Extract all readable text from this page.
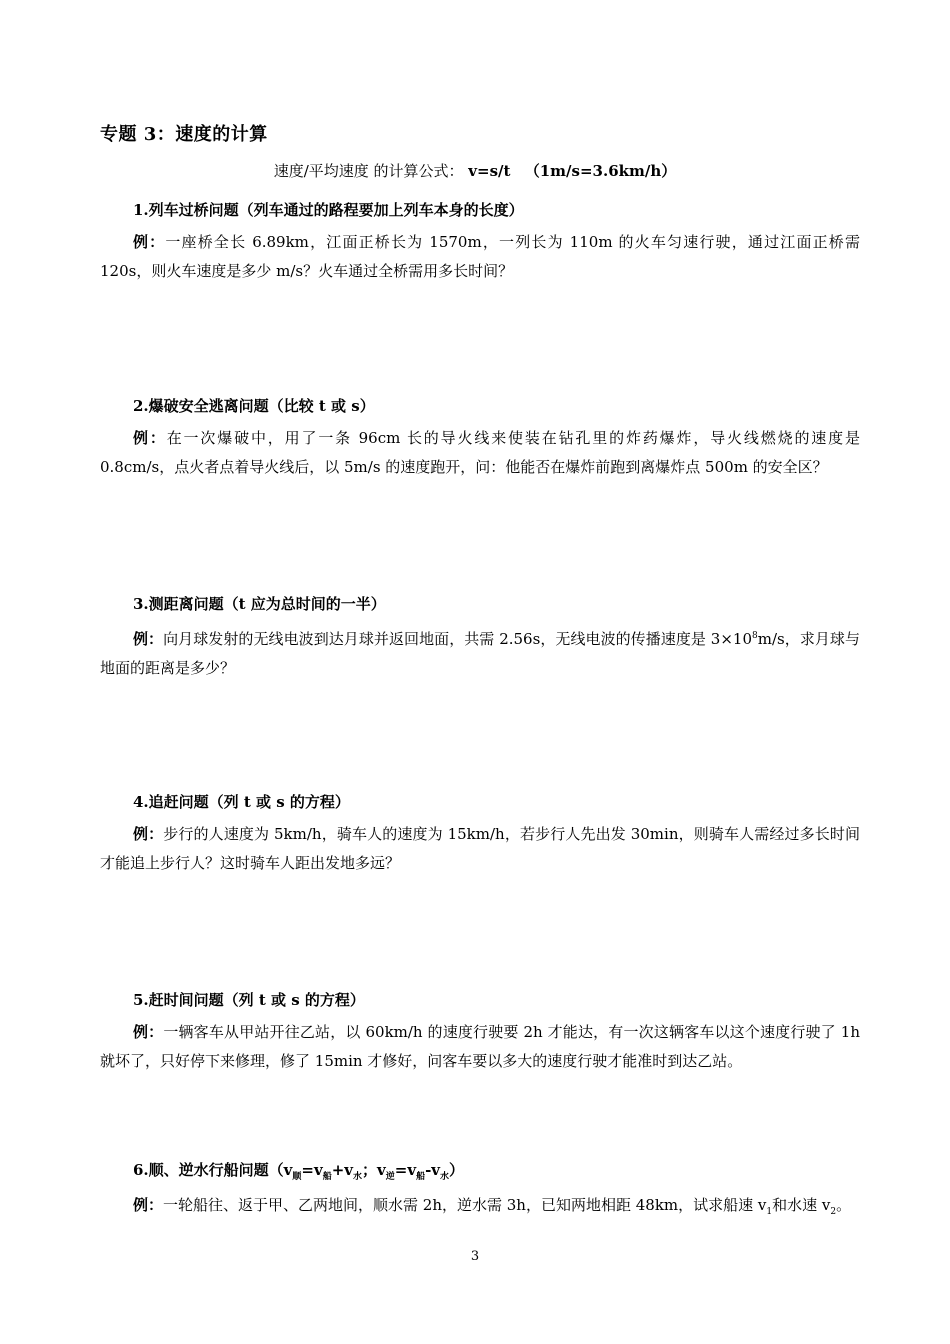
专题 3：速度的计算
速度/平均速度 的计算公式： v=s/t （1m/s=3.6km/h）
1.列车过桥问题（列车通过的路程要加上列车本身的长度）
例：一座桥全长 6.89km，江面正桥长为 1570m，一列长为 110m 的火车匀速行驶，通过江面正桥需 120s，则火车速度是多少 m/s？火车通过全桥需用多长时间？
2.爆破安全逃离问题（比较 t 或 s）
例：在一次爆破中，用了一条 96cm 长的导火线来使装在钻孔里的炸药爆炸，导火线燃烧的速度是 0.8cm/s，点火者点着导火线后，以 5m/s 的速度跑开，问：他能否在爆炸前跑到离爆炸点 500m 的安全区？
3.测距离问题（t 应为总时间的一半）
例：向月球发射的无线电波到达月球并返回地面，共需 2.56s，无线电波的传播速度是 $3\times 10^8m/s$，求月球与地面的距离是多少？
4.追赶问题（列 t 或 s 的方程）
例：步行的人速度为 5km/h，骑车人的速度为 15km/h，若步行人先出发 30min，则骑车人需经过多长时间才能追上步行人？这时骑车人距出发地多远？
5.赶时间问题（列 t 或 s 的方程）
例：一辆客车从甲站开往乙站，以 60km/h 的速度行驶要 2h 才能达，有一次这辆客车以这个速度行驶了 1h 就坏了，只好停下来修理，修了 15min 才修好，问客车要以多大的速度行驶才能准时到达乙站。
6.顺、逆水行船问题（$v_顺=v_船+v_水$；$v_逆=v_船-v_水$）
例：一轮船往、返于甲、乙两地间，顺水需 2h，逆水需 3h，已知两地相距 48km，试求船速 $v_1$和水速 $v_2$。
3
